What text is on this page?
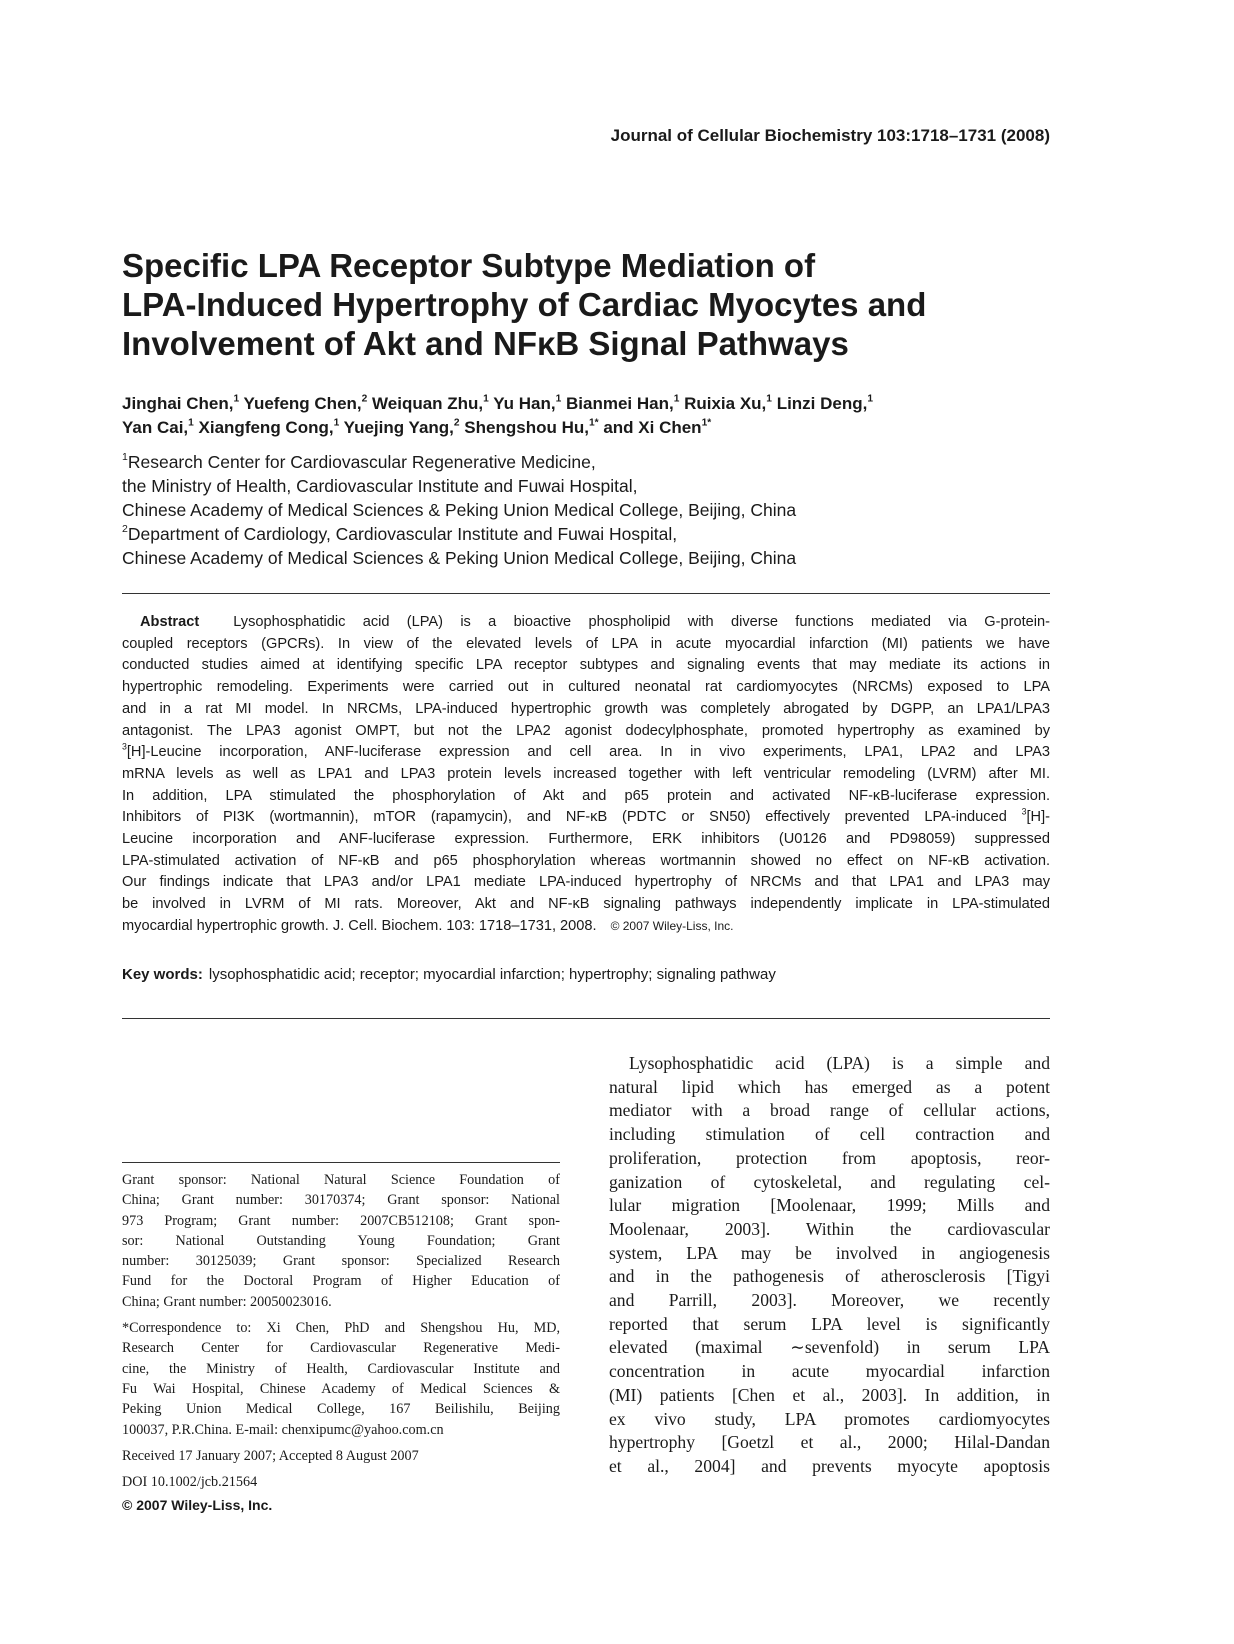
Journal of Cellular Biochemistry 103:1718–1731 (2008)
Specific LPA Receptor Subtype Mediation of
LPA-Induced Hypertrophy of Cardiac Myocytes and
Involvement of Akt and NFκB Signal Pathways
Jinghai Chen,$^1$ Yuefeng Chen,$^2$ Weiquan Zhu,$^1$ Yu Han,$^1$ Bianmei Han,$^1$ Ruixia Xu,$^1$ Linzi Deng,$^1$
Yan Cai,$^1$ Xiangfeng Cong,$^1$ Yuejing Yang,$^2$ Shengshou Hu,$^{1*}$ and Xi Chen$^{1*}$
$^1$Research Center for Cardiovascular Regenerative Medicine,
the Ministry of Health, Cardiovascular Institute and Fuwai Hospital,
Chinese Academy of Medical Sciences & Peking Union Medical College, Beijing, China
$^2$Department of Cardiology, Cardiovascular Institute and Fuwai Hospital,
Chinese Academy of Medical Sciences & Peking Union Medical College, Beijing, China
Abstract Lysophosphatidic acid (LPA) is a bioactive phospholipid with diverse functions mediated via G-protein-
coupled receptors (GPCRs). In view of the elevated levels of LPA in acute myocardial infarction (MI) patients we have
conducted studies aimed at identifying specific LPA receptor subtypes and signaling events that may mediate its actions in
hypertrophic remodeling. Experiments were carried out in cultured neonatal rat cardiomyocytes (NRCMs) exposed to LPA
and in a rat MI model. In NRCMs, LPA-induced hypertrophic growth was completely abrogated by DGPP, an LPA1/LPA3
antagonist. The LPA3 agonist OMPT, but not the LPA2 agonist dodecylphosphate, promoted hypertrophy as examined by
$^3$[H]-Leucine incorporation, ANF-luciferase expression and cell area. In in vivo experiments, LPA1, LPA2 and LPA3
mRNA levels as well as LPA1 and LPA3 protein levels increased together with left ventricular remodeling (LVRM) after MI.
In addition, LPA stimulated the phosphorylation of Akt and p65 protein and activated NF-κB-luciferase expression.
Inhibitors of PI3K (wortmannin), mTOR (rapamycin), and NF-κB (PDTC or SN50) effectively prevented LPA-induced $^3$[H]-
Leucine incorporation and ANF-luciferase expression. Furthermore, ERK inhibitors (U0126 and PD98059) suppressed
LPA-stimulated activation of NF-κB and p65 phosphorylation whereas wortmannin showed no effect on NF-κB activation.
Our findings indicate that LPA3 and/or LPA1 mediate LPA-induced hypertrophy of NRCMs and that LPA1 and LPA3 may
be involved in LVRM of MI rats. Moreover, Akt and NF-κB signaling pathways independently implicate in LPA-stimulated
myocardial hypertrophic growth. J. Cell. Biochem. 103: 1718–1731, 2008. © 2007 Wiley-Liss, Inc.
Key words: lysophosphatidic acid; receptor; myocardial infarction; hypertrophy; signaling pathway
Grant sponsor: National Natural Science Foundation of
China; Grant number: 30170374; Grant sponsor: National
973 Program; Grant number: 2007CB512108; Grant spon-
sor: National Outstanding Young Foundation; Grant
number: 30125039; Grant sponsor: Specialized Research
Fund for the Doctoral Program of Higher Education of
China; Grant number: 20050023016.
*Correspondence to: Xi Chen, PhD and Shengshou Hu, MD,
Research Center for Cardiovascular Regenerative Medi-
cine, the Ministry of Health, Cardiovascular Institute and
Fu Wai Hospital, Chinese Academy of Medical Sciences &
Peking Union Medical College, 167 Beilishilu, Beijing
100037, P.R.China. E-mail: chenxipumc@yahoo.com.cn
Received 17 January 2007; Accepted 8 August 2007
DOI 10.1002/jcb.21564
© 2007 Wiley-Liss, Inc.
Lysophosphatidic acid (LPA) is a simple and
natural lipid which has emerged as a potent
mediator with a broad range of cellular actions,
including stimulation of cell contraction and
proliferation, protection from apoptosis, reor-
ganization of cytoskeletal, and regulating cel-
lular migration [Moolenaar, 1999; Mills and
Moolenaar, 2003]. Within the cardiovascular
system, LPA may be involved in angiogenesis
and in the pathogenesis of atherosclerosis [Tigyi
and Parrill, 2003]. Moreover, we recently
reported that serum LPA level is significantly
elevated (maximal ∼sevenfold) in serum LPA
concentration in acute myocardial infarction
(MI) patients [Chen et al., 2003]. In addition, in
ex vivo study, LPA promotes cardiomyocytes
hypertrophy [Goetzl et al., 2000; Hilal-Dandan
et al., 2004] and prevents myocyte apoptosis
